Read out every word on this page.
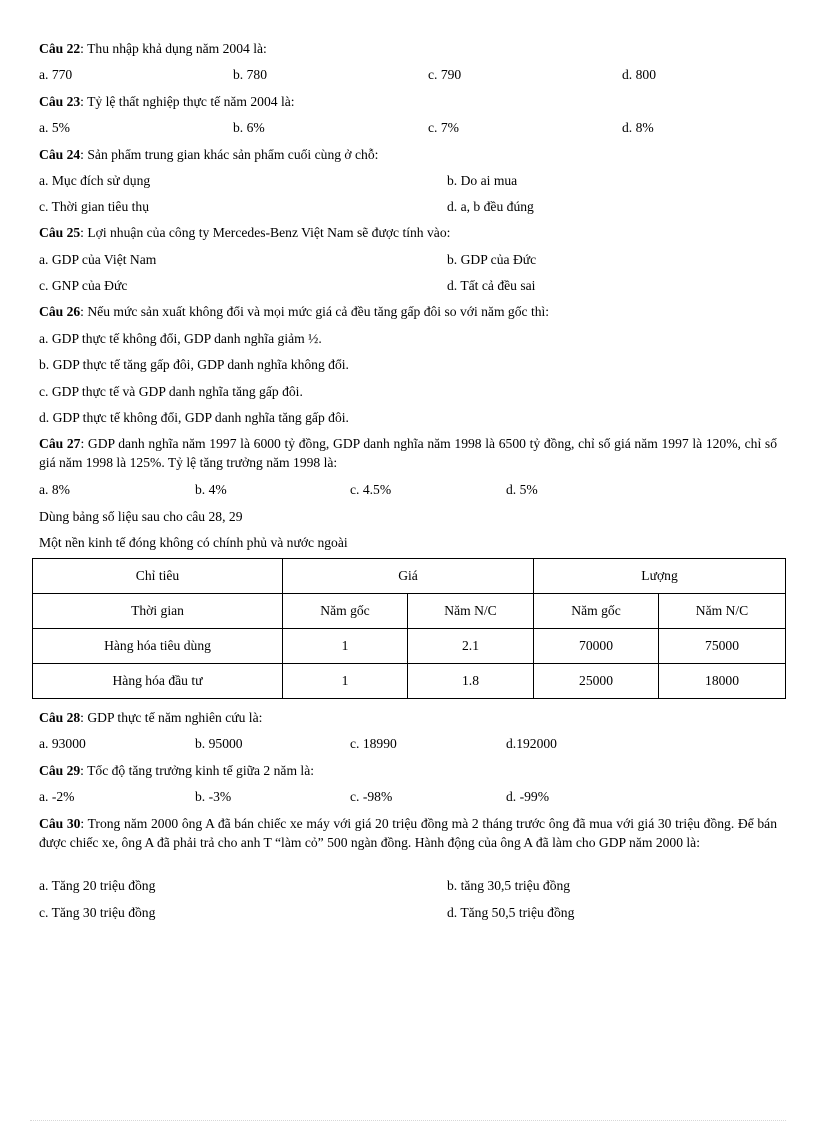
Câu 22: Thu nhập khả dụng năm 2004 là:
a. 770	b. 780	c. 790	d. 800
Câu 23: Tỷ lệ thất nghiệp thực tế năm 2004 là:
a. 5%	b. 6%	c. 7%	d. 8%
Câu 24: Sản phẩm trung gian khác sản phẩm cuối cùng ở chỗ:
a. Mục đích sử dụng	b. Do ai mua
c. Thời gian tiêu thụ	d. a, b đều đúng
Câu 25: Lợi nhuận của công ty Mercedes-Benz Việt Nam sẽ được tính vào:
a. GDP của Việt Nam	b. GDP của Đức
c. GNP của Đức	d. Tất cả đều sai
Câu 26: Nếu mức sản xuất không đổi và mọi mức giá cả đều tăng gấp đôi so với năm gốc thì:
a. GDP thực tế không đổi, GDP danh nghĩa giảm ½.
b. GDP thực tế tăng gấp đôi, GDP danh nghĩa không đổi.
c. GDP thực tế và GDP danh nghĩa tăng gấp đôi.
d. GDP thực tế không đổi, GDP danh nghĩa tăng gấp đôi.
Câu 27: GDP danh nghĩa năm 1997 là 6000 tỷ đồng, GDP danh nghĩa năm 1998 là 6500 tỷ đồng, chỉ số giá năm 1997 là 120%, chỉ số giá năm 1998 là 125%. Tỷ lệ tăng trưởng năm 1998 là:
a. 8%	b. 4%	c. 4.5%	d. 5%
Dùng bảng số liệu sau cho câu 28, 29
Một nền kinh tế đóng không có chính phủ và nước ngoài
Chỉ tiêu	Giá		Lượng	
Thời gian	Năm gốc	Năm N/C	Năm gốc	Năm N/C
Hàng hóa tiêu dùng	1	2.1	70000	75000
Hàng hóa đầu tư	1	1.8	25000	18000
Câu 28: GDP thực tế năm nghiên cứu là:
a. 93000	b. 95000	c. 18990	d.192000
Câu 29: Tốc độ tăng trưởng kinh tế giữa 2 năm là:
a. -2%	b. -3%	c. -98%	d. -99%
Câu 30: Trong năm 2000 ông A đã bán chiếc xe máy với giá 20 triệu đồng mà 2 tháng trước ông đã mua với giá 30 triệu đồng. Để bán được chiếc xe, ông A đã phải trả cho anh T “làm cỏ” 500 ngàn đồng. Hành động của ông A đã làm cho GDP năm 2000 là:
a. Tăng 20 triệu đồng	b. tăng 30,5 triệu đồng
c. Tăng 30 triệu đồng	d. Tăng 50,5 triệu đồng
